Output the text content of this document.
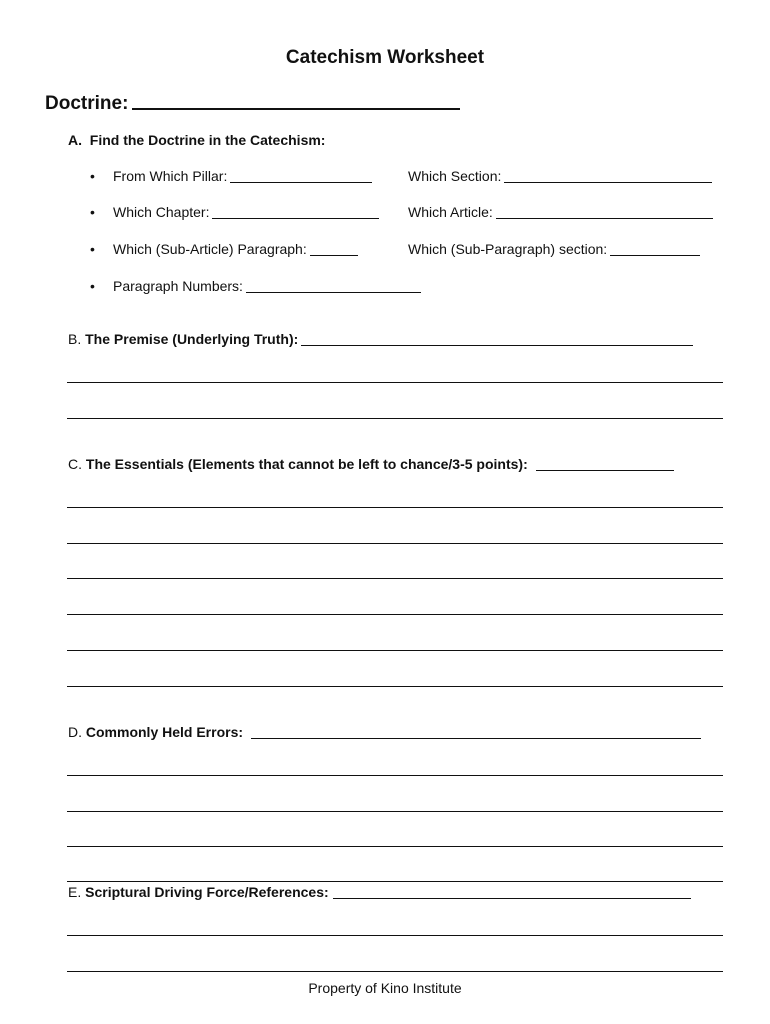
Catechism Worksheet
Doctrine:
A. Find the Doctrine in the Catechism:
• From Which Pillar:	Which Section:
• Which Chapter:	Which Article:
• Which (Sub-Article) Paragraph:	Which (Sub-Paragraph) section:
• Paragraph Numbers:
B. The Premise (Underlying Truth):
C. The Essentials (Elements that cannot be left to chance/3-5 points):
D. Commonly Held Errors:
E. Scriptural Driving Force/References:
Property of Kino Institute
